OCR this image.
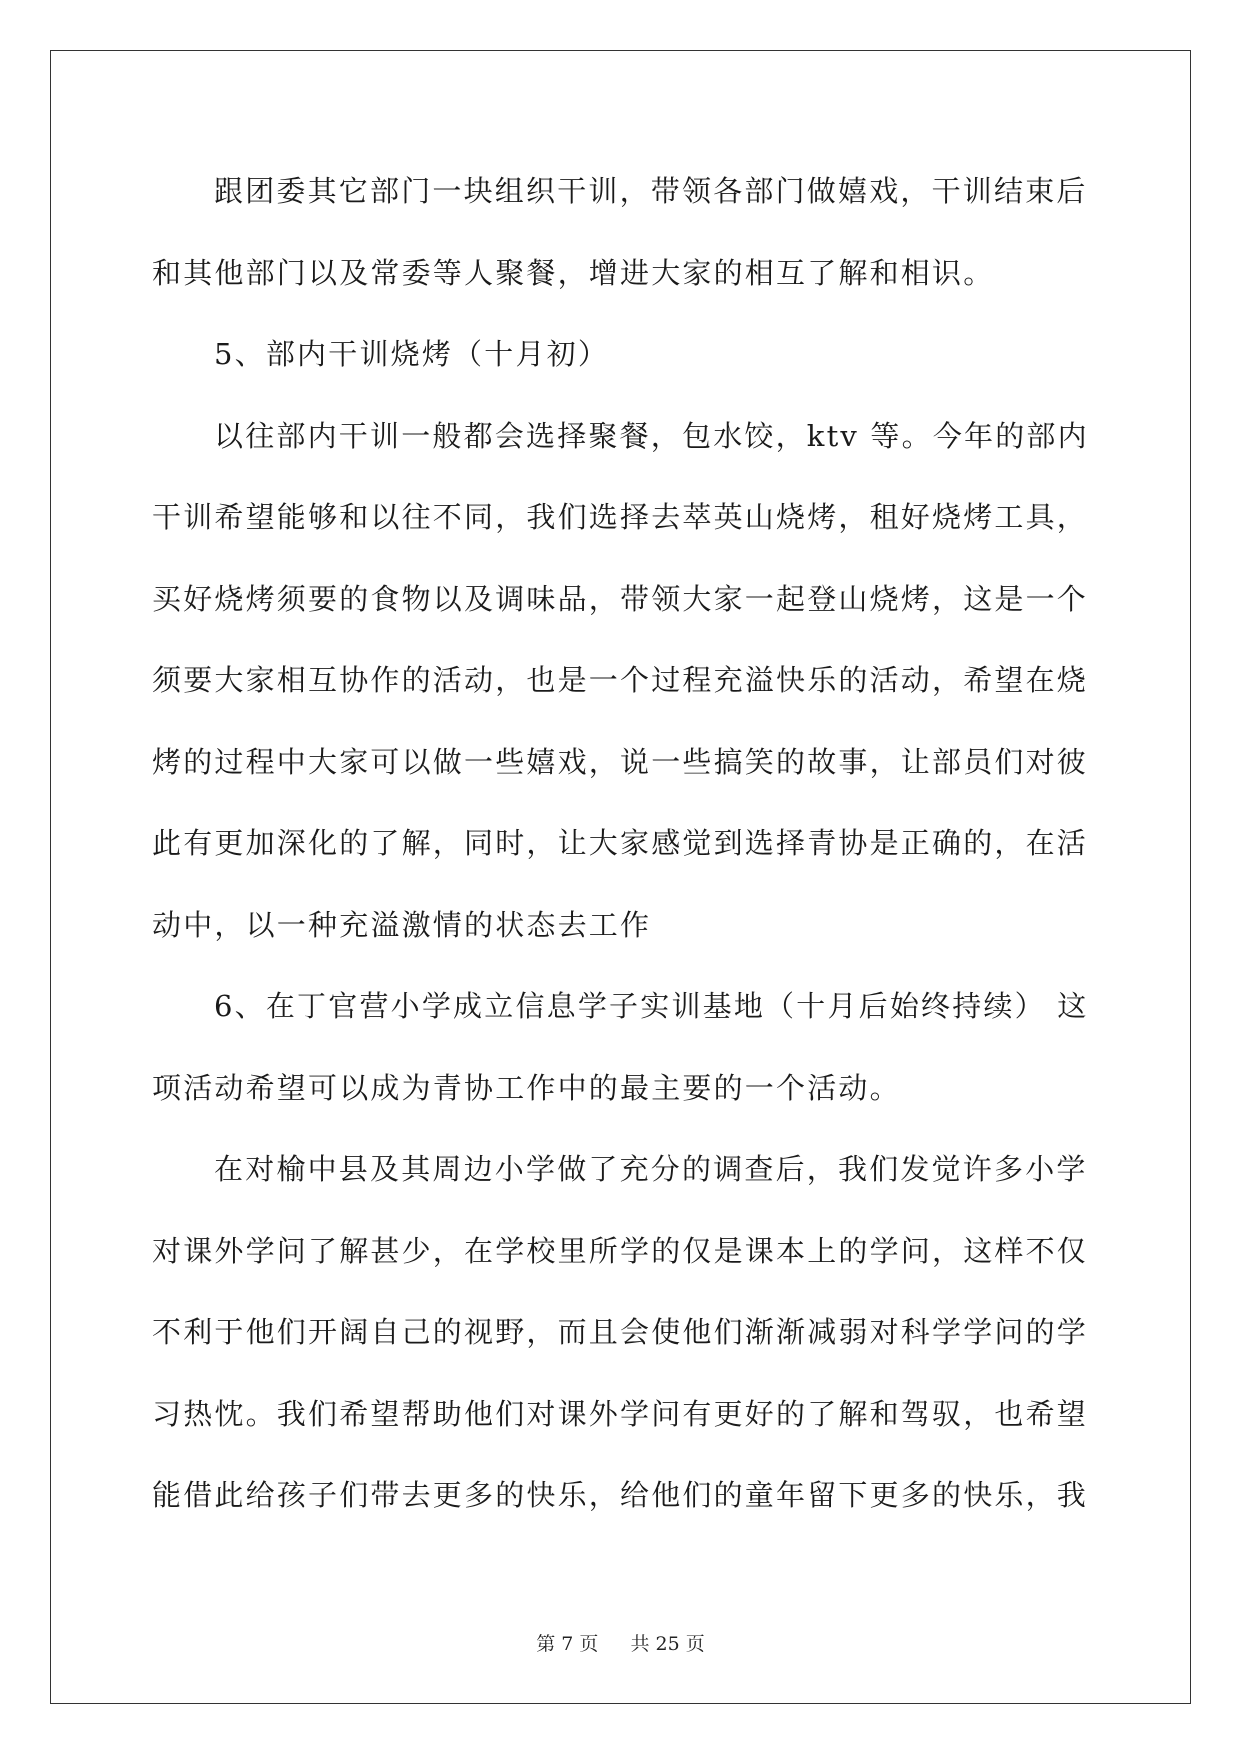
跟团委其它部门一块组织干训，带领各部门做嬉戏，干训结束后
和其他部门以及常委等人聚餐，增进大家的相互了解和相识。
5、部内干训烧烤（十月初）
以往部内干训一般都会选择聚餐，包水饺，ktv 等。今年的部内
干训希望能够和以往不同，我们选择去萃英山烧烤，租好烧烤工具，
买好烧烤须要的食物以及调味品，带领大家一起登山烧烤，这是一个
须要大家相互协作的活动，也是一个过程充溢快乐的活动，希望在烧
烤的过程中大家可以做一些嬉戏，说一些搞笑的故事，让部员们对彼
此有更加深化的了解，同时，让大家感觉到选择青协是正确的，在活
动中，以一种充溢激情的状态去工作
6、在丁官营小学成立信息学子实训基地（十月后始终持续） 这
项活动希望可以成为青协工作中的最主要的一个活动。
在对榆中县及其周边小学做了充分的调查后，我们发觉许多小学
对课外学问了解甚少，在学校里所学的仅是课本上的学问，这样不仅
不利于他们开阔自己的视野，而且会使他们渐渐减弱对科学学问的学
习热忱。我们希望帮助他们对课外学问有更好的了解和驾驭，也希望
能借此给孩子们带去更多的快乐，给他们的童年留下更多的快乐，我
第 7 页 共 25 页
